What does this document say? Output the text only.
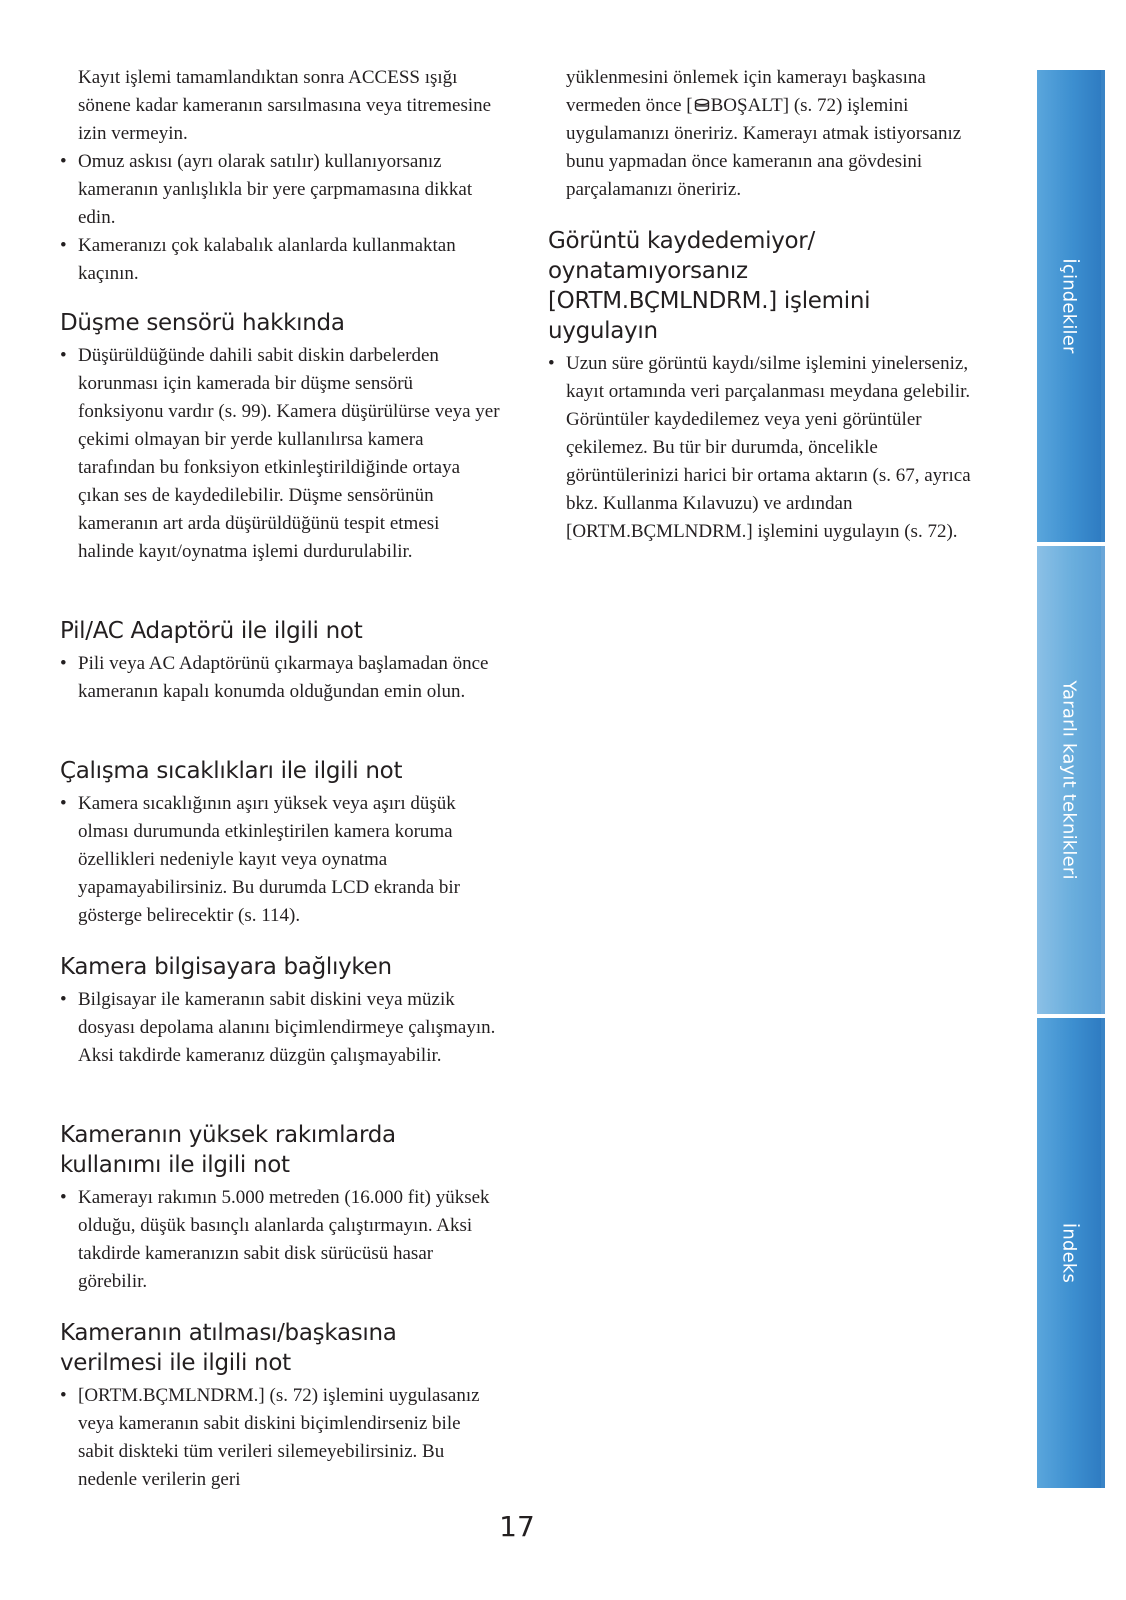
Kayıt işlemi tamamlandıktan sonra ACCESS ışığı sönene kadar kameranın sarsılmasına veya titremesine izin vermeyin.
• Omuz askısı (ayrı olarak satılır) kullanıyorsanız kameranın yanlışlıkla bir yere çarpmamasına dikkat edin.
• Kameranızı çok kalabalık alanlarda kullanmaktan kaçının.
Düşme sensörü hakkında
• Düşürüldüğünde dahili sabit diskin darbelerden korunması için kamerada bir düşme sensörü fonksiyonu vardır (s. 99). Kamera düşürülürse veya yer çekimi olmayan bir yerde kullanılırsa kamera tarafından bu fonksiyon etkinleştirildiğinde ortaya çıkan ses de kaydedilebilir. Düşme sensörünün kameranın art arda düşürüldüğünü tespit etmesi halinde kayıt/oynatma işlemi durdurulabilir.
Pil/AC Adaptörü ile ilgili not
• Pili veya AC Adaptörünü çıkarmaya başlamadan önce kameranın kapalı konumda olduğundan emin olun.
Çalışma sıcaklıkları ile ilgili not
• Kamera sıcaklığının aşırı yüksek veya aşırı düşük olması durumunda etkinleştirilen kamera koruma özellikleri nedeniyle kayıt veya oynatma yapamayabilirsiniz. Bu durumda LCD ekranda bir gösterge belirecektir (s. 114).
Kamera bilgisayara bağlıyken
• Bilgisayar ile kameranın sabit diskini veya müzik dosyası depolama alanını biçimlendirmeye çalışmayın. Aksi takdirde kameranız düzgün çalışmayabilir.
Kameranın yüksek rakımlarda kullanımı ile ilgili not
• Kamerayı rakımın 5.000 metreden (16.000 fit) yüksek olduğu, düşük basınçlı alanlarda çalıştırmayın. Aksi takdirde kameranızın sabit disk sürücüsü hasar görebilir.
Kameranın atılması/başkasına verilmesi ile ilgili not
• [ORTM.BÇMLNDRM.] (s. 72) işlemini uygulasanız veya kameranın sabit diskini biçimlendirseniz bile sabit diskteki tüm verileri silemeyebilirsiniz. Bu nedenle verilerin geri
yüklenmesini önlemek için kamerayı başkasına vermeden önce [ BOŞALT] (s. 72) işlemini uygulamanızı öneririz. Kamerayı atmak istiyorsanız bunu yapmadan önce kameranın ana gövdesini parçalamanızı öneririz.
Görüntü kaydedemiyor/ oynatamıyorsanız [ORTM.BÇMLNDRM.] işlemini uygulayın
• Uzun süre görüntü kaydı/silme işlemini yinelerseniz, kayıt ortamında veri parçalanması meydana gelebilir. Görüntüler kaydedilemez veya yeni görüntüler çekilemez. Bu tür bir durumda, öncelikle görüntülerinizi harici bir ortama aktarın (s. 67, ayrıca bkz. Kullanma Kılavuzu) ve ardından [ORTM.BÇMLNDRM.] işlemini uygulayın (s. 72).
İçindekiler
Yararlı kayıt teknikleri
İndeks
17
